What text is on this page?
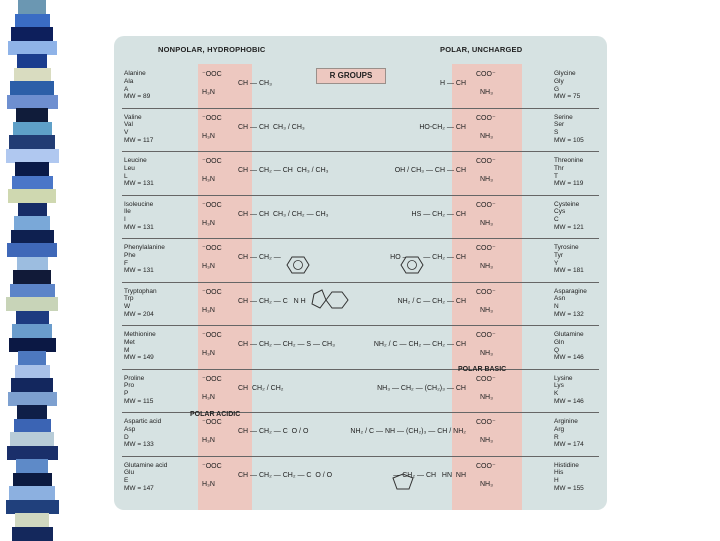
NONPOLAR, HYDROPHOBIC	POLAR, UNCHARGED
R GROUPS
Alanine
Ala
A
MW = 89
⁻OOC
H₃N
CH — CH₃
Glycine
Gly
G
MW = 75
COO⁻
NH₃
H — CH
Valine
Val
V
MW = 117
⁻OOC
H₃N
CH — CH  CH₃ / CH₃
Serine
Ser
S
MW = 105
COO⁻
NH₃
HO-CH₂ — CH
Leucine
Leu
L
MW = 131
⁻OOC
H₃N
CH — CH₂ — CH  CH₃ / CH₃
Threonine
Thr
T
MW = 119
COO⁻
NH₃
OH / CH₃ — CH — CH
Isoleucine
Ile
I
MW = 131
⁻OOC
H₃N
CH — CH  CH₃ / CH₂ — CH₃
Cysteine
Cys
C
MW = 121
COO⁻
NH₃
HS — CH₂ — CH
Phenylalanine
Phe
F
MW = 131
⁻OOC
H₃N
CH — CH₂ —
Tyrosine
Tyr
Y
MW = 181
COO⁻
NH₃
HO —       — CH₂ — CH
Tryptophan
Trp
W
MW = 204
⁻OOC
H₃N
CH — CH₂ — C   N H
Asparagine
Asn
N
MW = 132
COO⁻
NH₃
NH₂ / C — CH₂ — CH
Methionine
Met
M
MW = 149
⁻OOC
H₃N
CH — CH₂ — CH₂ — S — CH₃
Glutamine
Gln
Q
MW = 146
COO⁻
NH₃
NH₂ / C — CH₂ — CH₂ — CH
Proline
Pro
P
MW = 115
⁻OOC
H₃N
CH  CH₂ / CH₂
Lysine
Lys
K
MW = 146
COO⁻
NH₃
NH₃ — CH₂ — (CH₂)₃ — CH
Aspartic acid
Asp
D
MW = 133
⁻OOC
H₃N
CH — CH₂ — C  O / O
Arginine
Arg
R
MW = 174
COO⁻
NH₃
NH₂ / C — NH — (CH₂)₃ — CH / NH₂
Glutamine acid
Glu
E
MW = 147
⁻OOC
H₃N
CH — CH₂ — CH₂ — C  O / O
Histidine
His
H
MW = 155
COO⁻
NH₃
— CH₂ — CH   HN  NH
POLAR BASIC
POLAR ACIDIC
